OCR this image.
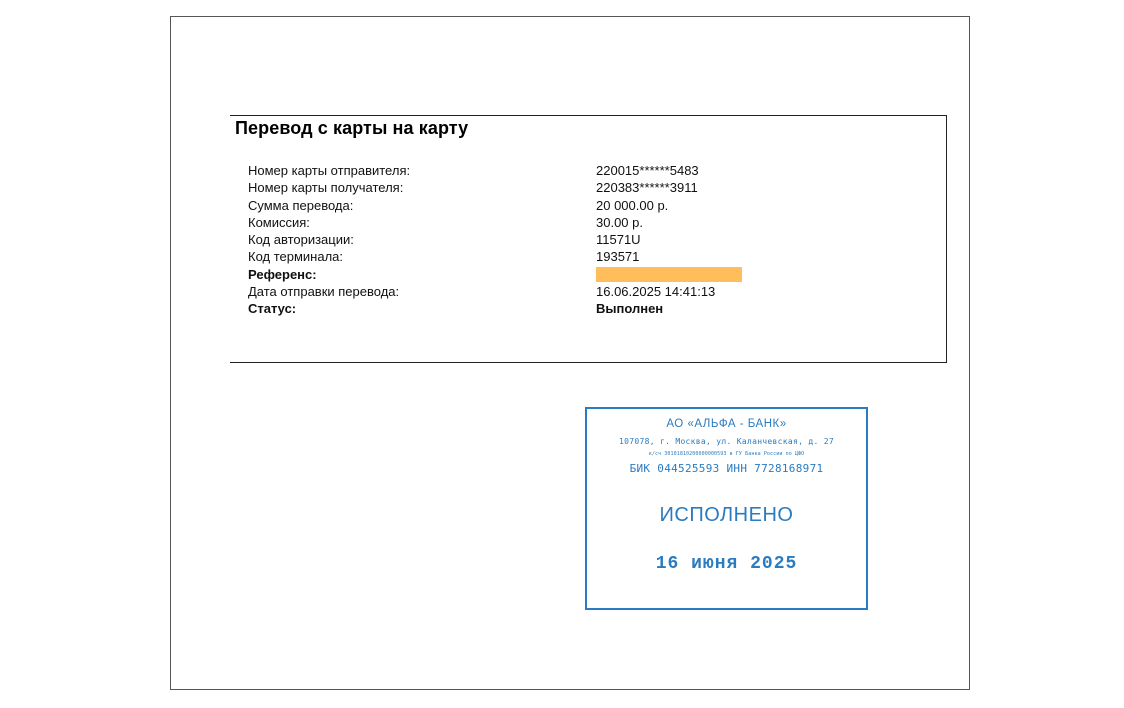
Перевод с карты на карту
Номер карты отправителя:	220015******5483
Номер карты получателя:	220383******3911
Сумма перевода:	20 000.00 р.
Комиссия:	30.00 р.
Код авторизации:	11571U
Код терминала:	193571
Референс:
Дата отправки перевода:	16.06.2025 14:41:13
Статус:	Выполнен
АО «АЛЬФА - БАНК»
107078, г. Москва, ул. Каланчевская, д. 27
к/сч 30101810200000000593 в ГУ Банка России по ЦФО
БИК 044525593 ИНН 7728168971
ИСПОЛНЕНО
16 июня 2025
